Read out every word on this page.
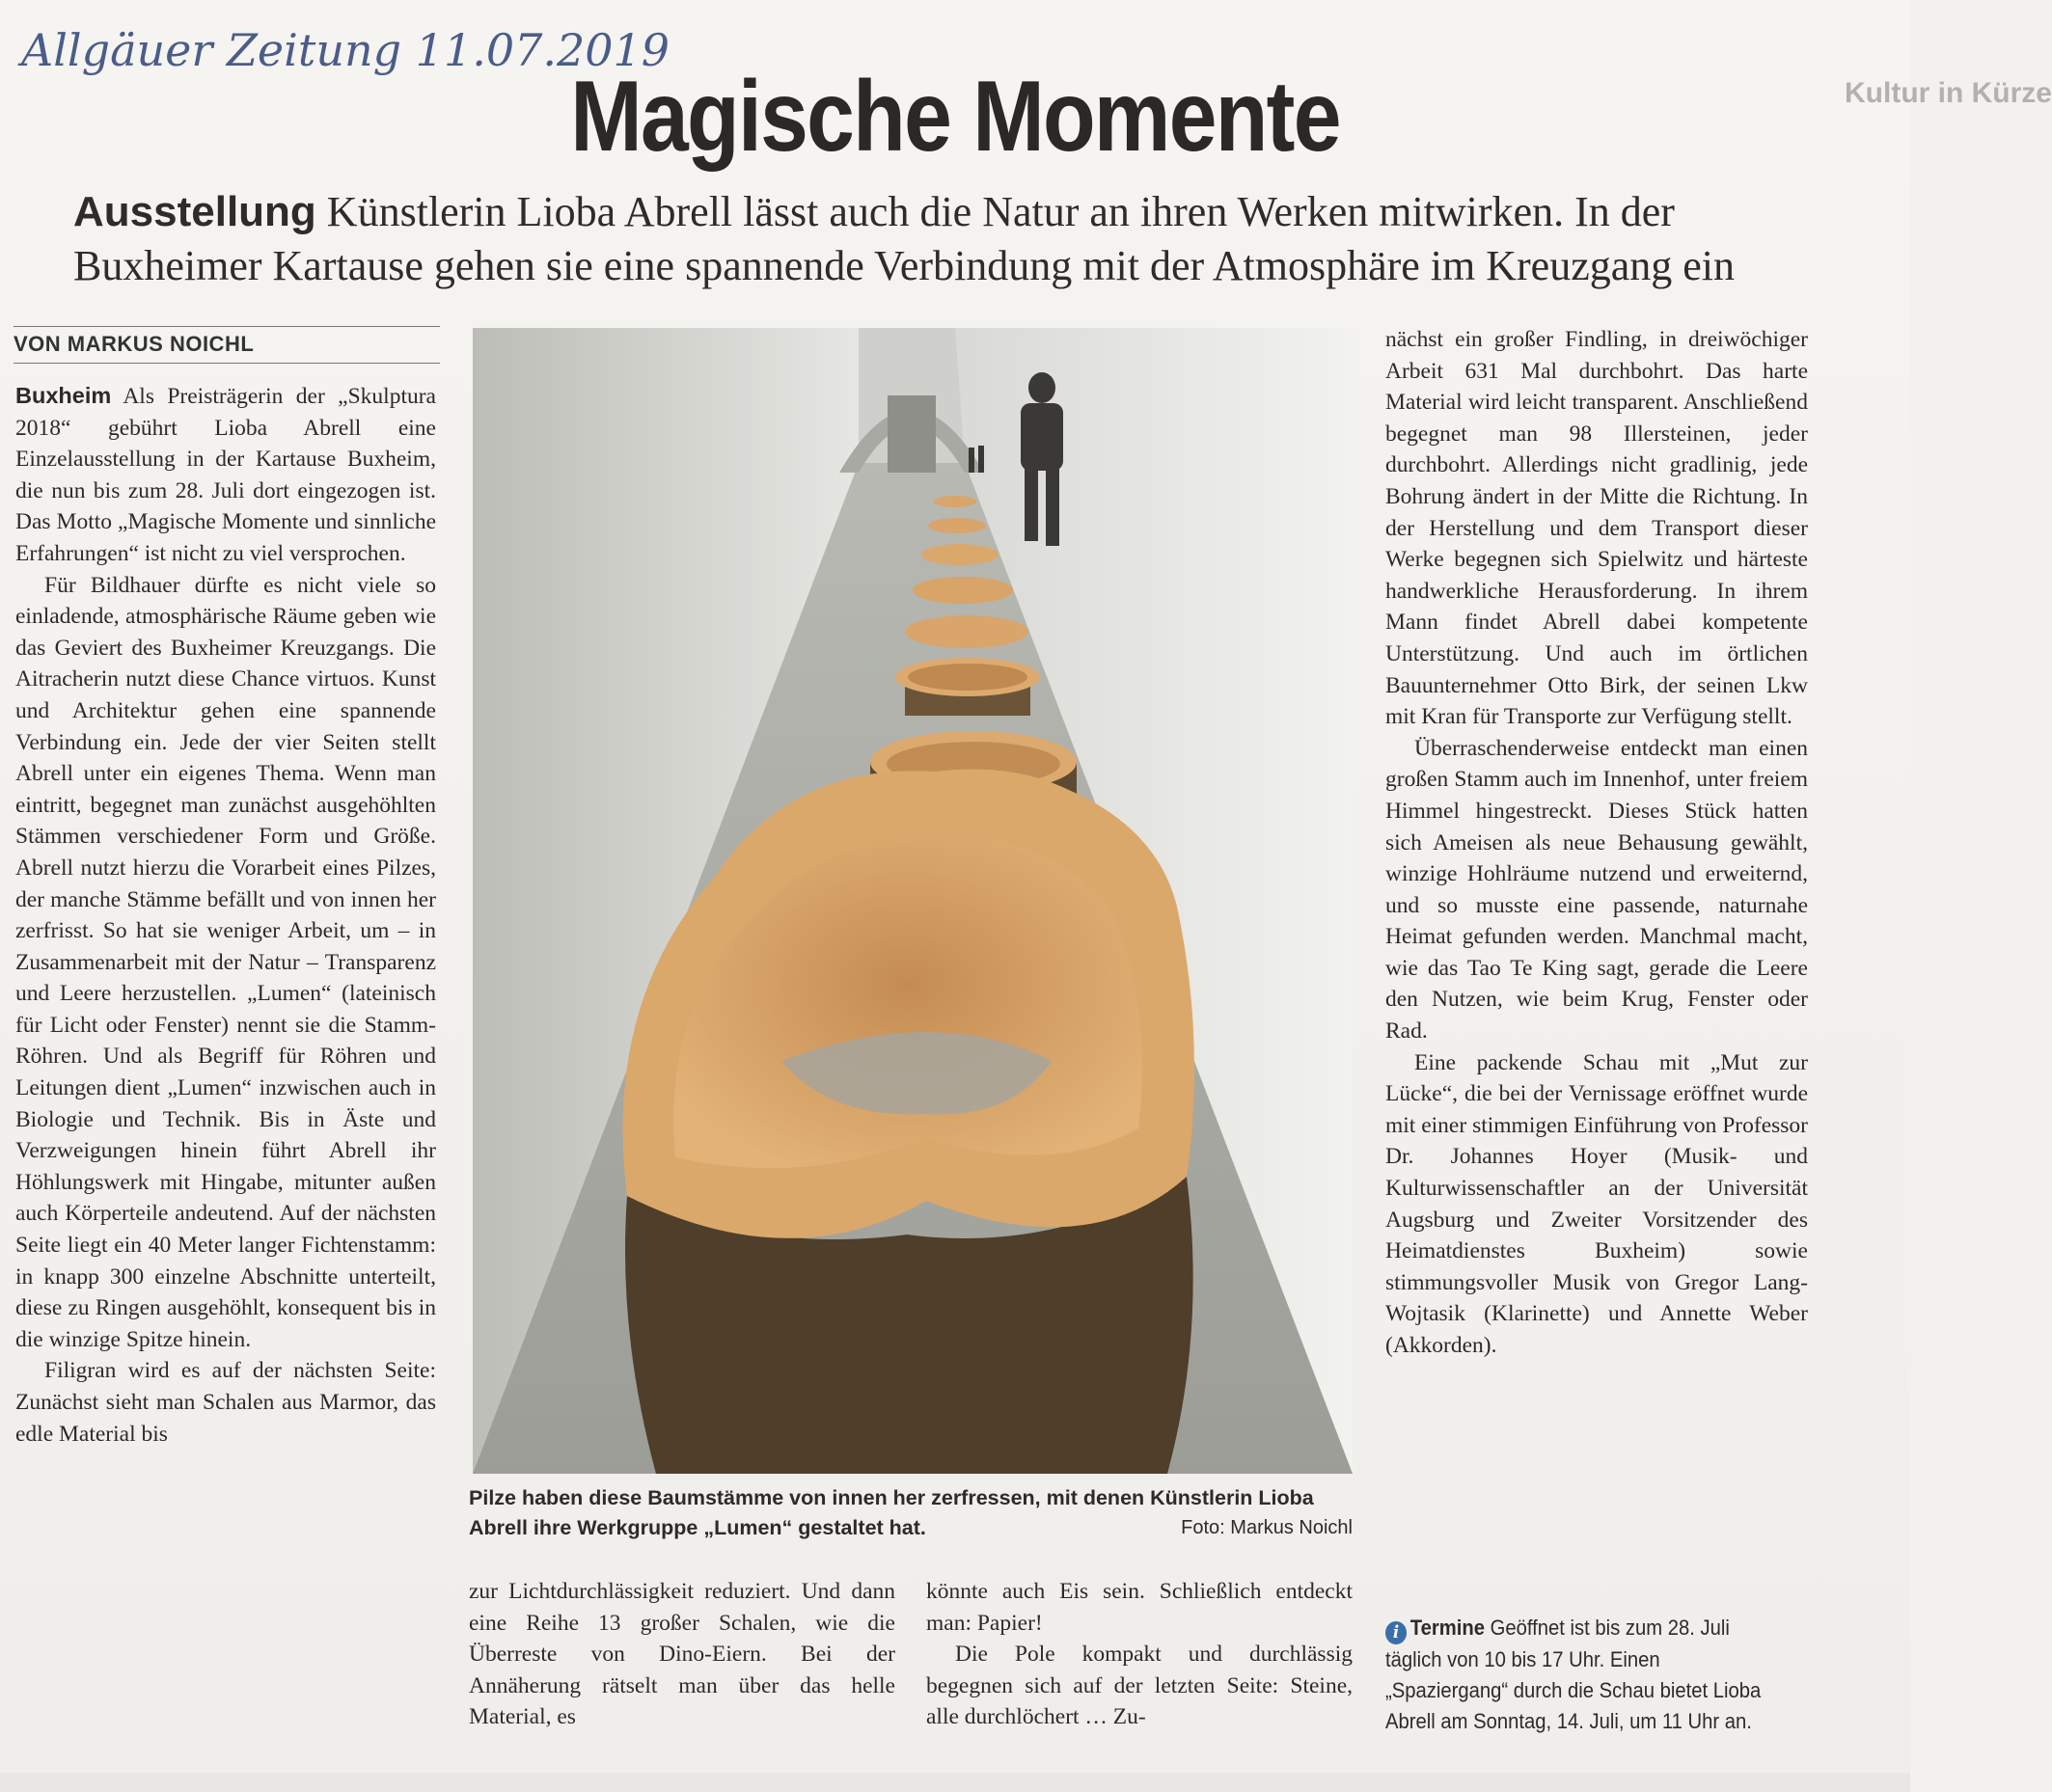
Allgäuer Zeitung 11.07.2019
Magische Momente
Ausstellung Künstlerin Lioba Abrell lässt auch die Natur an ihren Werken mitwirken. In der Buxheimer Kartause gehen sie eine spannende Verbindung mit der Atmosphäre im Kreuzgang ein
VON MARKUS NOICHL

Buxheim Als Preisträgerin der „Skulptura 2018“ gebührt Lioba Abrell eine Einzelausstellung in der Kartause Buxheim, die nun bis zum 28. Juli dort eingezogen ist. Das Motto „Magische Momente und sinnliche Erfahrungen“ ist nicht zu viel versprochen.

Für Bildhauer dürfte es nicht viele so einladende, atmosphärische Räume geben wie das Geviert des Buxheimer Kreuzgangs. Die Aitracherin nutzt diese Chance virtuos. Kunst und Architektur gehen eine spannende Verbindung ein. Jede der vier Seiten stellt Abrell unter ein eigenes Thema. Wenn man eintritt, begegnet man zunächst ausgehöhlten Stämmen verschiedener Form und Größe. Abrell nutzt hierzu die Vorarbeit eines Pilzes, der manche Stämme befällt und von innen her zerfrisst. So hat sie weniger Arbeit, um – in Zusammenarbeit mit der Natur – Transparenz und Leere herzustellen. „Lumen“ (lateinisch für Licht oder Fenster) nennt sie die Stamm-Röhren. Und als Begriff für Röhren und Leitungen dient „Lumen“ inzwischen auch in Biologie und Technik. Bis in Äste und Verzweigungen hinein führt Abrell ihr Höhlungswerk mit Hingabe, mitunter außen auch Körperteile andeutend. Auf der nächsten Seite liegt ein 40 Meter langer Fichtenstamm: in knapp 300 einzelne Abschnitte unterteilt, diese zu Ringen ausgehöhlt, konsequent bis in die winzige Spitze hinein.

Filigran wird es auf der nächsten Seite: Zunächst sieht man Schalen aus Marmor, das edle Material bis

Pilze haben diese Baumstämme von innen her zerfressen, mit denen Künstlerin Lioba Abrell ihre Werkgruppe „Lumen“ gestaltet hat.	Foto: Markus Noichl

zur Lichtdurchlässigkeit reduziert. Und dann eine Reihe 13 großer Schalen, wie die Überreste von Dino-Eiern. Bei der Annäherung rätselt man über das helle Material, es

könnte auch Eis sein. Schließlich entdeckt man: Papier!

Die Pole kompakt und durchlässig begegnen sich auf der letzten Seite: Steine, alle durchlöchert … Zu-

nächst ein großer Findling, in dreiwöchiger Arbeit 631 Mal durchbohrt. Das harte Material wird leicht transparent. Anschließend begegnet man 98 Illersteinen, jeder durchbohrt. Allerdings nicht gradlinig, jede Bohrung ändert in der Mitte die Richtung. In der Herstellung und dem Transport dieser Werke begegnen sich Spielwitz und härteste handwerkliche Herausforderung. In ihrem Mann findet Abrell dabei kompetente Unterstützung. Und auch im örtlichen Bauunternehmer Otto Birk, der seinen Lkw mit Kran für Transporte zur Verfügung stellt.

Überraschenderweise entdeckt man einen großen Stamm auch im Innenhof, unter freiem Himmel hingestreckt. Dieses Stück hatten sich Ameisen als neue Behausung gewählt, winzige Hohlräume nutzend und erweiternd, und so musste eine passende, naturnahe Heimat gefunden werden. Manchmal macht, wie das Tao Te King sagt, gerade die Leere den Nutzen, wie beim Krug, Fenster oder Rad.

Eine packende Schau mit „Mut zur Lücke“, die bei der Vernissage eröffnet wurde mit einer stimmigen Einführung von Professor Dr. Johannes Hoyer (Musik- und Kulturwissenschaftler an der Universität Augsburg und Zweiter Vorsitzender des Heimatdienstes Buxheim) sowie stimmungsvoller Musik von Gregor Lang-Wojtasik (Klarinette) und Annette Weber (Akkorden).

i Termine Geöffnet ist bis zum 28. Juli täglich von 10 bis 17 Uhr. Einen „Spaziergang“ durch die Schau bietet Lioba Abrell am Sonntag, 14. Juli, um 11 Uhr an.
Kultur in Kürze
